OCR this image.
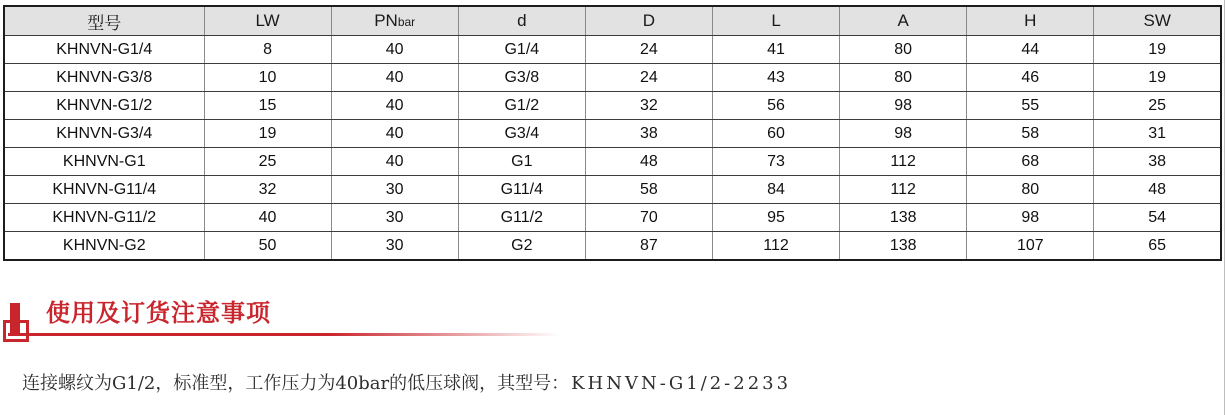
型号	LW	PNbar	d	D	L	A	H	SW
KHNVN-G1/4	8	40	G1/4	24	41	80	44	19
KHNVN-G3/8	10	40	G3/8	24	43	80	46	19
KHNVN-G1/2	15	40	G1/2	32	56	98	55	25
KHNVN-G3/4	19	40	G3/4	38	60	98	58	31
KHNVN-G1	25	40	G1	48	73	112	68	38
KHNVN-G11/4	32	30	G11/4	58	84	112	80	48
KHNVN-G11/2	40	30	G11/2	70	95	138	98	54
KHNVN-G2	50	30	G2	87	112	138	107	65
使用及订货注意事项

连接螺纹为G1/2，标准型，工作压力为40bar的低压球阀，其型号： KHNVN-G1/2-2233
